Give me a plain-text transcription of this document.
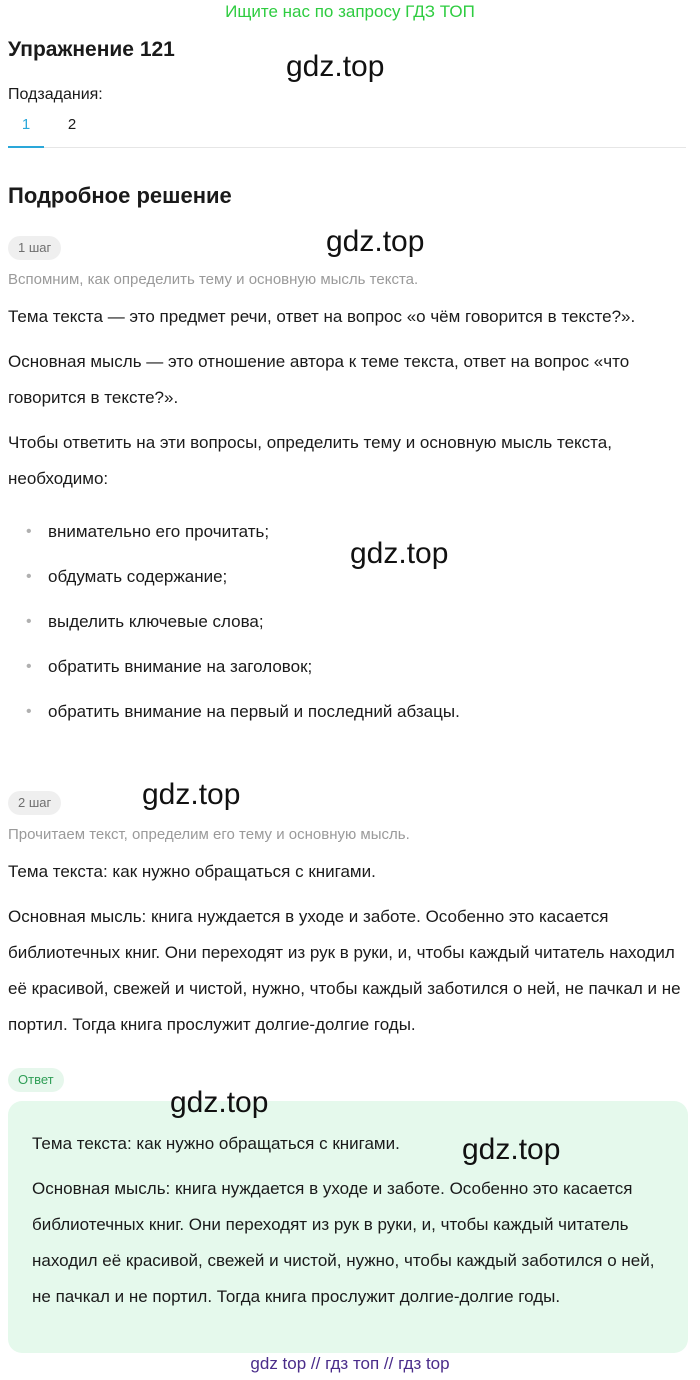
Ищите нас по запросу ГДЗ ТОП
Упражнение 121
Подзадания:
1	2
Подробное решение
1 шаг
Вспомним, как определить тему и основную мысль текста.
Тема текста — это предмет речи, ответ на вопрос «о чём говорится в тексте?».
Основная мысль — это отношение автора к теме текста, ответ на вопрос «что говорится в тексте?».
Чтобы ответить на эти вопросы, определить тему и основную мысль текста, необходимо:
• внимательно его прочитать;
• обдумать содержание;
• выделить ключевые слова;
• обратить внимание на заголовок;
• обратить внимание на первый и последний абзацы.
2 шаг
Прочитаем текст, определим его тему и основную мысль.
Тема текста: как нужно обращаться с книгами.
Основная мысль: книга нуждается в уходе и заботе. Особенно это касается библиотечных книг. Они переходят из рук в руки, и, чтобы каждый читатель находил её красивой, свежей и чистой, нужно, чтобы каждый заботился о ней, не пачкал и не портил. Тогда книга прослужит долгие-долгие годы.
Ответ
Тема текста: как нужно обращаться с книгами.
Основная мысль: книга нуждается в уходе и заботе. Особенно это касается библиотечных книг. Они переходят из рук в руки, и, чтобы каждый читатель находил её красивой, свежей и чистой, нужно, чтобы каждый заботился о ней, не пачкал и не портил. Тогда книга прослужит долгие-долгие годы.
gdz.top
gdz.top
gdz.top
gdz.top
gdz.top
gdz.top
gdz top // гдз топ // гдз top
